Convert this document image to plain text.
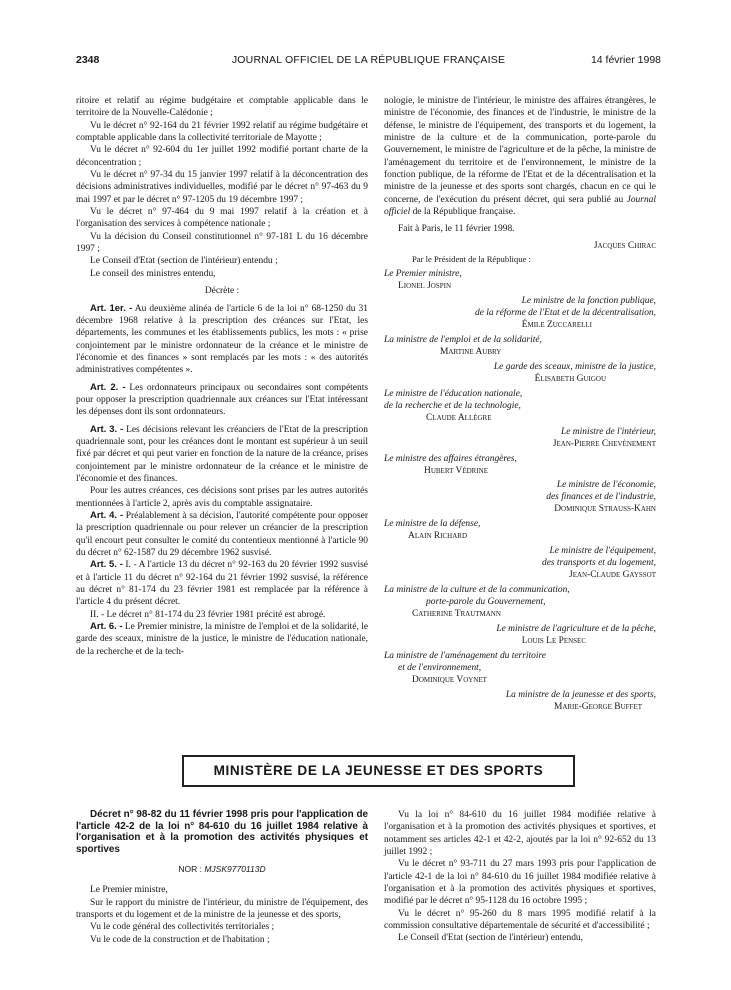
2348	JOURNAL OFFICIEL DE LA RÉPUBLIQUE FRANÇAISE	14 février 1998

ritoire et relatif au régime budgétaire et comptable applicable dans le territoire de la Nouvelle-Calédonie ;

Vu le décret n° 92-164 du 21 février 1992 relatif au régime budgétaire et comptable applicable dans la collectivité territoriale de Mayotte ;

Vu le décret n° 92-604 du 1er juillet 1992 modifié portant charte de la déconcentration ;

Vu le décret n° 97-34 du 15 janvier 1997 relatif à la déconcentration des décisions administratives individuelles, modifié par le décret n° 97-463 du 9 mai 1997 et par le décret n° 97-1205 du 19 décembre 1997 ;

Vu le décret n° 97-464 du 9 mai 1997 relatif à la création et à l'organisation des services à compétence nationale ;

Vu la décision du Conseil constitutionnel n° 97-181 L du 16 décembre 1997 ;

Le Conseil d'Etat (section de l'intérieur) entendu ;

Le conseil des ministres entendu,

Décrète :

Art. 1er. - Au deuxième alinéa de l'article 6 de la loi n° 68-1250 du 31 décembre 1968 relative à la prescription des créances sur l'Etat, les départements, les communes et les établissements publics, les mots : « prise conjointement par le ministre ordonnateur de la créance et le ministre de l'économie et des finances » sont remplacés par les mots : « des autorités administratives compétentes ».

Art. 2. - Les ordonnateurs principaux ou secondaires sont compétents pour opposer la prescription quadriennale aux créances sur l'Etat intéressant les dépenses dont ils sont ordonnateurs.

Art. 3. - Les décisions relevant les créanciers de l'Etat de la prescription quadriennale sont, pour les créances dont le montant est supérieur à un seuil fixé par décret et qui peut varier en fonction de la nature de la créance, prises conjointement par le ministre ordonnateur de la créance et le ministre de l'économie et des finances.

Pour les autres créances, ces décisions sont prises par les autres autorités mentionnées à l'article 2, après avis du comptable assignataire.

Art. 4. - Préalablement à sa décision, l'autorité compétente pour opposer la prescription quadriennale ou pour relever un créancier de la prescription qu'il encourt peut consulter le comité du contentieux mentionné à l'article 90 du décret n° 62-1587 du 29 décembre 1962 susvisé.

Art. 5. - I. - A l'article 13 du décret n° 92-163 du 20 février 1992 susvisé et à l'article 11 du décret n° 92-164 du 21 février 1992 susvisé, la référence au décret n° 81-174 du 23 février 1981 est remplacée par la référence à l'article 4 du présent décret.

II. - Le décret n° 81-174 du 23 février 1981 précité est abrogé.

Art. 6. - Le Premier ministre, la ministre de l'emploi et de la solidarité, le garde des sceaux, ministre de la justice, le ministre de l'éducation nationale, de la recherche et de la tech-

nologie, le ministre de l'intérieur, le ministre des affaires étrangères, le ministre de l'économie, des finances et de l'industrie, le ministre de la défense, le ministre de l'équipement, des transports et du logement, la ministre de la culture et de la communication, porte-parole du Gouvernement, le ministre de l'agriculture et de la pêche, la ministre de l'aménagement du territoire et de l'environnement, le ministre de la fonction publique, de la réforme de l'Etat et de la décentralisation et la ministre de la jeunesse et des sports sont chargés, chacun en ce qui le concerne, de l'exécution du présent décret, qui sera publié au Journal officiel de la République française.

Fait à Paris, le 11 février 1998.

Jacques Chirac
Par le Président de la République :
Le Premier ministre,
Lionel Jospin
Le ministre de la fonction publique,
de la réforme de l'Etat et de la décentralisation,
Émile Zuccarelli
La ministre de l'emploi et de la solidarité,
Martine Aubry
Le garde des sceaux, ministre de la justice,
Élisabeth Guigou
Le ministre de l'éducation nationale,
de la recherche et de la technologie,
Claude Allègre
Le ministre de l'intérieur,
Jean-Pierre Chevènement
Le ministre des affaires étrangères,
Hubert Védrine
Le ministre de l'économie,
des finances et de l'industrie,
Dominique Strauss-Kahn
Le ministre de la défense,
Alain Richard
Le ministre de l'équipement,
des transports et du logement,
Jean-Claude Gayssot
La ministre de la culture et de la communication,
porte-parole du Gouvernement,
Catherine Trautmann
Le ministre de l'agriculture et de la pêche,
Louis Le Pensec
La ministre de l'aménagement du territoire
et de l'environnement,
Dominique Voynet
La ministre de la jeunesse et des sports,
Marie-George Buffet
MINISTÈRE DE LA JEUNESSE ET DES SPORTS

Décret n° 98-82 du 11 février 1998 pris pour l'application de l'article 42-2 de la loi n° 84-610 du 16 juillet 1984 relative à l'organisation et à la promotion des activités physiques et sportives

NOR : MJSK9770113D

Le Premier ministre,

Sur le rapport du ministre de l'intérieur, du ministre de l'équipement, des transports et du logement et de la ministre de la jeunesse et des sports,

Vu le code général des collectivités territoriales ;

Vu le code de la construction et de l'habitation ;

Vu la loi n° 84-610 du 16 juillet 1984 modifiée relative à l'organisation et à la promotion des activités physiques et sportives, et notamment ses articles 42-1 et 42-2, ajoutés par la loi n° 92-652 du 13 juillet 1992 ;

Vu le décret n° 93-711 du 27 mars 1993 pris pour l'application de l'article 42-1 de la loi n° 84-610 du 16 juillet 1984 modifiée relative à l'organisation et à la promotion des activités physiques et sportives, modifié par le décret n° 95-1128 du 16 octobre 1995 ;

Vu le décret n° 95-260 du 8 mars 1995 modifié relatif à la commission consultative départementale de sécurité et d'accessibilité ;

Le Conseil d'Etat (section de l'intérieur) entendu,
